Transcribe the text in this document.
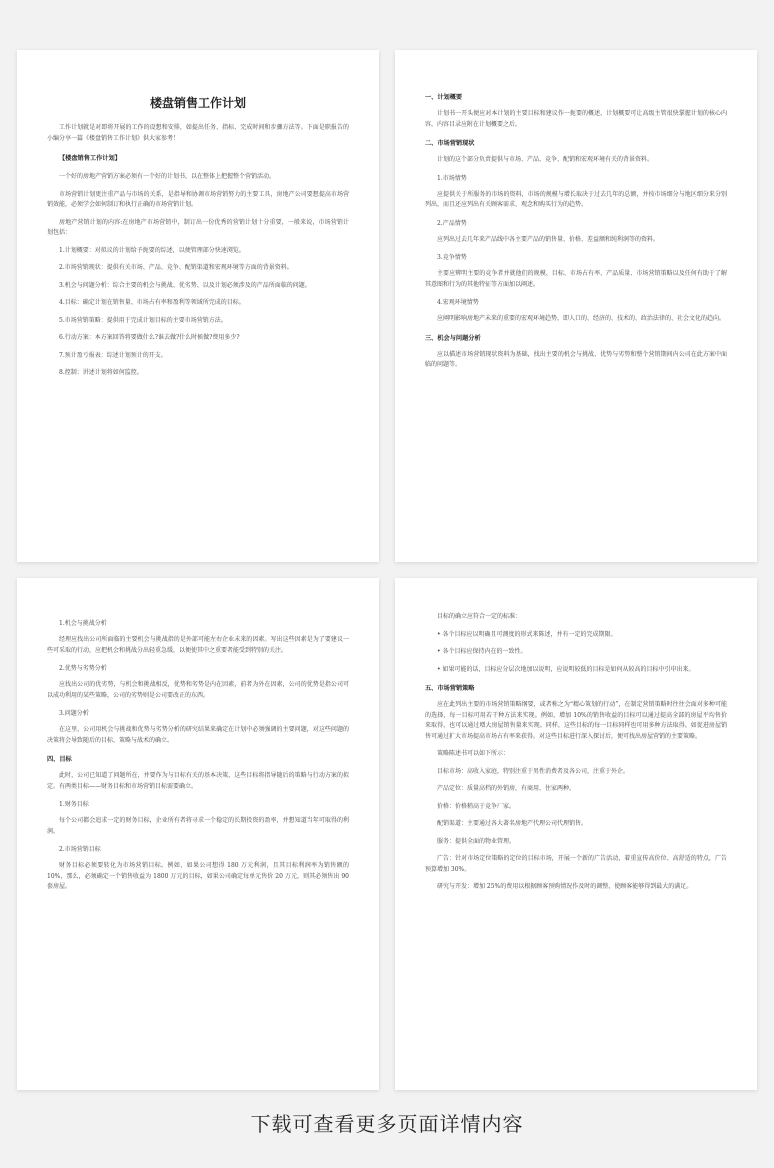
楼盘销售工作计划
工作计划就是对即将开展的工作的设想和安排，如提出任务、指标、完成时间和步骤方法等。下面是职报告的小编分享一篇《楼盘销售工作计划》供大家参考！
【楼盘销售工作计划】
一个好的房地产营销方案必须有一个好的计划书，以在整体上把握整个营销活动。
市场营销计划更注重产品与市场的关系，是指导和协调市场营销努力的主要工具，房地产公司要想提高市场营销效能，必须学会如何制订和执行正确的市场营销计划。
房地产营销计划的内容:在房地产市场营销中，制订出一份优秀的营销计划十分重要，一般来说，市场营销计划包括：
1.计划概要：对拟议的计划给予扼要的综述，以便管理部分快速浏览。
2.市场营销现状：提供有关市场、产品、竞争、配销渠道和宏观环境等方面的背景资料。
3.机会与问题分析：综合主要的机会与挑战、优劣势、以及计划必须涉及的产品所面临的问题。
4.目标：确定计划在销售量、市场占有率和盈利等领域所完成的目标。
5.市场营销策略：提供用于完成计划目标的主要市场营销方法。
6.行动方案：本方案回答将要做什么?谁去做?什么时候做?费用多少?
7.预计盈亏报表：综述计划预计的开支。
8.控制：讲述计划将如何监控。
一、计划概要
计划书一开头便应对本计划的主要目标和建议作一扼要的概述，计划概要可让高级主管很快掌握计划的核心内容，内容目录应附在计划概要之后。
二、市场营销现状
计划的这个部分负责提供与市场、产品、竞争、配销和宏观环境有关的背景资料。
1.市场情势
应提供关于所服务的市场的资料，市场的规模与增长取决于过去几年的总额，并按市场细分与地区细分来分别列出，而且还应列出有关顾客需求、观念和购买行为的趋势。
2.产品情势
应列出过去几年来产品线中各主要产品的销售量、价格、差益额和纯利润等的资料。
3.竞争情势
主要应辨明主要的竞争者并就他们的规模、目标、市场占有率、产品质量、市场营销策略以及任何有助于了解其意图和行为的其他特征等方面加以阐述。
4.宏观环境情势
应阐明影响房地产未来的重要的宏观环境趋势，即人口的、经济的、技术的、政治法律的、社会文化的趋向。
三、机会与问题分析
应以描述市场营销现状资料为基础，找出主要的机会与挑战、优势与劣势和整个营销期间内公司在此方案中面临的问题等。
1.机会与挑战分析
经理应找出公司所面临的主要机会与挑战指的是外部可能左右企业未来的因素。写出这些因素是为了要建议一些可采取的行动，应把机会和挑战分出轻重急缓，以便使其中之重要者能受到特别的关注。
2.优势与劣势分析
应找出公司的优劣势，与机会和挑战相反，优势和劣势是内在因素，前者为外在因素，公司的优势是指公司可以成功利用的某些策略，公司的劣势则是公司要改正的东西。
3.问题分析
在这里，公司用机会与挑战和优势与劣势分析的研究结果来确定在计划中必须强调的主要问题，对这些问题的决策将会导致随后的目标，策略与战术的确立。
四、目标
此时，公司已知道了问题所在，并要作为与目标有关的基本决策，这些目标将指导随后的策略与行动方案的拟定。有两类目标——财务目标和市场营销目标需要确立。
1.财务目标
每个公司都会追求一定的财务目标，企业所有者将寻求一个稳定的长期投资的盈率，并想知道当年可取得的利润。
2.市场营销目标
财务目标必须要转化为市场营销目标。例如，如果公司想得 180 万元利润，且其目标利润率为销售额的 10%，那么，必须确定一个销售收益为 1800 万元的目标，如果公司确定每单元售价 20 万元，则其必须售出 90 套房屋。
目标的确立应符合一定的标准：
• 各个目标应以明确且可测度的形式来陈述，并有一定的完成期限。
• 各个目标应保持内在的一致性。
• 如果可能的话，目标应分层次地加以说明，应说明较低的目标是如何从较高的目标中引申出来。
五、市场营销策略
应在此列出主要的市场营销策略纲要，或者称之为“精心策划的行动”，在制定营销策略时往往会面对多种可能的选择，每一目标可用若干种方法来实现。例如，增加 10%的销售收益的目标可以通过提高全部的房屋平均售价来取得，也可以通过增大房屋销售量来实现。同样，这些目标的每一目标同样也可用多种方法取得。如促进房屋销售可通过扩大市场提高市场占有率来获得。对这些目标进行深入探讨后，便可找出房屋营销的主要策略。
策略陈述书可以如下所示：
目标市场：高收入家庭，特别注重于男性消费者及各公司，注重于外企。
产品定位：质量高档的外销房，有商用、住家两种。
价格：价格稍高于竞争厂家。
配销渠道：主要通过各大著名房地产代理公司代理销售。
服务：提供全面的物业管理。
广告：针对市场定位策略的定位的目标市场，开展一个新的广告活动，着重宣传高价位、高舒适的特点，广告预算增加 30%。
研究与开发：增加 25%的费用以根据顾客预购情况作及时的调整，使顾客能够得到最大的满足。
下载可查看更多页面详情内容
